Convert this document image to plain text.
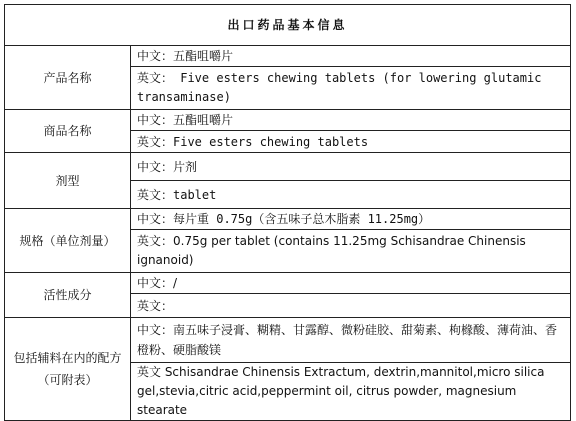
出口药品基本信息	
产品名称	中文：五酯咀嚼片
	英文： Five esters chewing tablets (for lowering glutamic transaminase)
商品名称	中文：五酯咀嚼片
	英文：Five esters chewing tablets
剂型	中文：片剂
	英文：tablet
规格（单位剂量）	中文：每片重 0.75g（含五味子总木脂素 11.25mg）
	英文：0.75g per tablet (contains 11.25mg Schisandrae Chinensis ignanoid)
活性成分	中文：/
	英文：
包括辅料在内的配方（可附表）	中文：南五味子浸膏、糊精、甘露醇、微粉硅胶、甜菊素、枸橼酸、薄荷油、香橙粉、硬脂酸镁
	英文 Schisandrae Chinensis Extractum, dextrin,mannitol,micro silica gel,stevia,citric acid,peppermint oil, citrus powder, magnesium stearate
